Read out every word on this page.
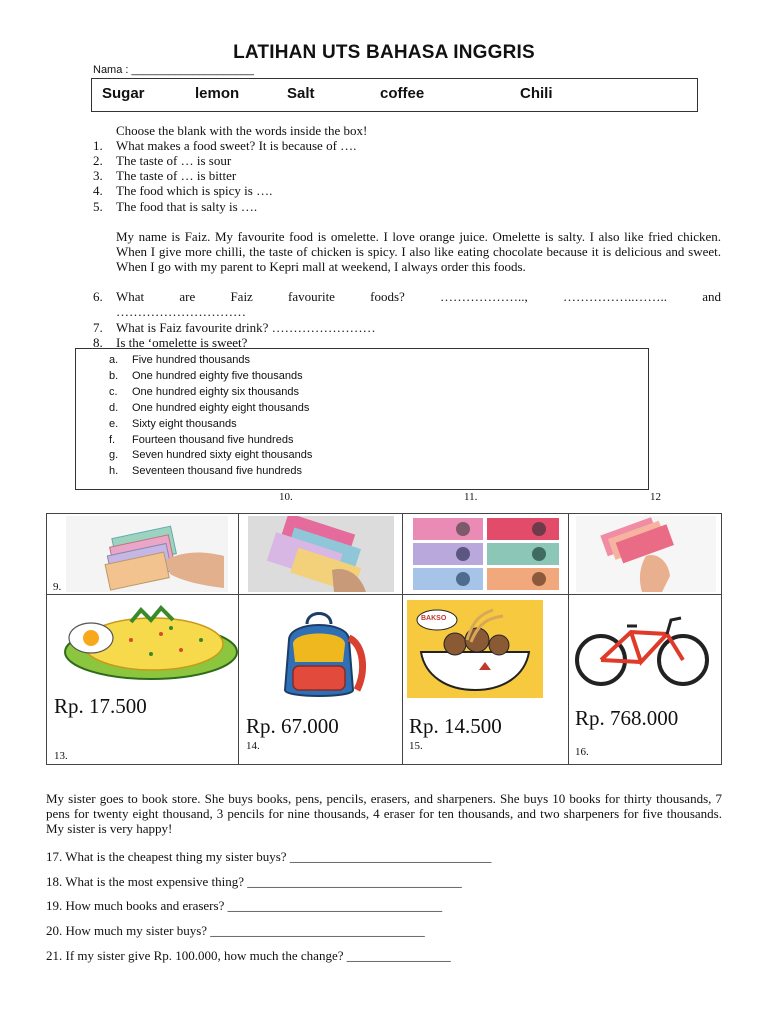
LATIHAN UTS BAHASA INGGRIS
Nama : ____________________
Sugar	lemon	Salt	coffee	Chili
Choose the blank with the words inside the box!
1. What makes a food sweet? It is because of ….
2. The taste of … is sour
3. The taste of … is bitter
4. The food which is spicy is ….
5. The food that is salty is ….
My name is Faiz. My favourite food is omelette. I love orange juice. Omelette is salty. I also like fried chicken. When I give more chilli, the taste of chicken is spicy. I also like eating chocolate because it is delicious and sweet. When I go with my parent to Kepri mall at weekend, I always order this foods.
6. What	are	Faiz	favourite	foods?	………………..,	……………..……..	and
…………………………
7. What is Faiz favourite drink? ……………………
8. Is the ‘omelette is sweet?
a. Five hundred thousands
b. One hundred eighty five thousands
c. One hundred eighty six thousands
d. One hundred eighty eight thousands
e. Sixty eight thousands
f. Fourteen thousand five hundreds
g. Seven hundred sixty eight thousands
h. Seventeen thousand five hundreds
10.	11.	12
9.
BAKSO
Rp. 17.500
Rp. 67.000	Rp. 14.500	Rp. 768.000
13.
14.	15.	16.
My sister goes to book store. She buys books, pens, pencils, erasers, and sharpeners. She buys 10 books for thirty thousands, 7 pens for twenty eight thousand, 3 pencils for nine thousands, 4 eraser for ten thousands, and two sharpeners for five thousands. My sister is very happy!
17. What is the cheapest thing my sister buys? _______________________________
18. What is the most expensive thing? _________________________________
19. How much books and erasers? _________________________________
20. How much my sister buys? _________________________________
21. If my sister give Rp. 100.000, how much the change? ________________
